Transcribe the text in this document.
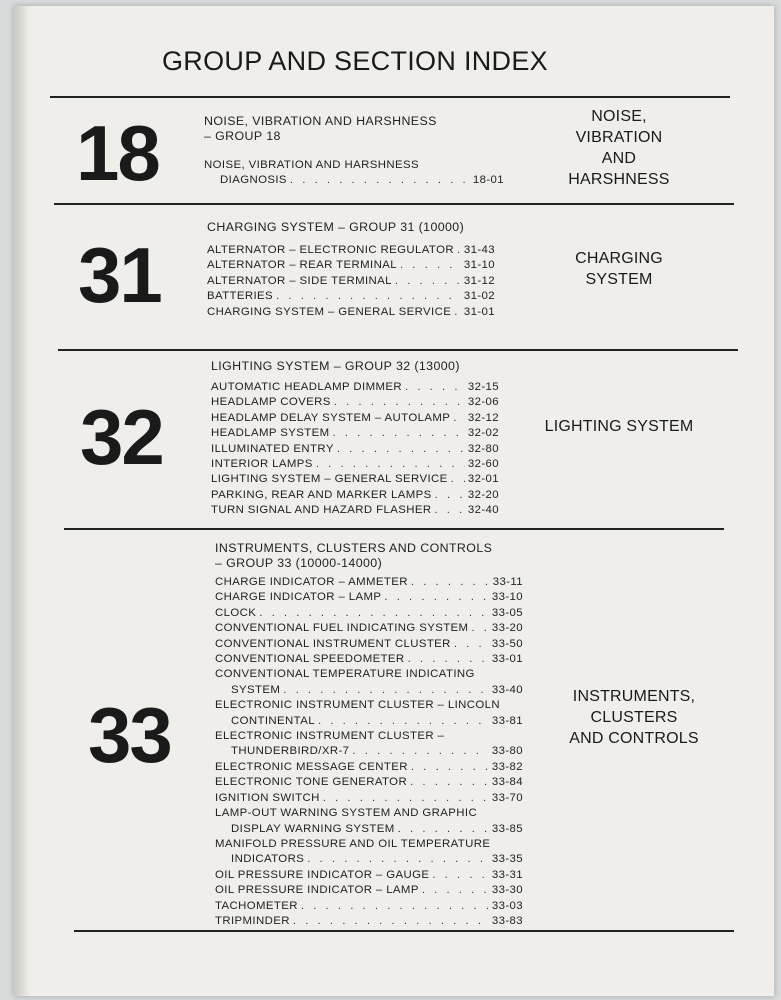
GROUP AND SECTION INDEX
18	NOISE, VIBRATION AND HARSHNESS
– GROUP 18
NOISE, VIBRATION AND HARSHNESS
DIAGNOSIS . . .	18-01
NOISE,
VIBRATION
AND
HARSHNESS
31
CHARGING SYSTEM – GROUP 31 (10000)
ALTERNATOR – ELECTRONIC REGULATOR . . . 31-43
ALTERNATOR – REAR TERMINAL . . .	31-10
ALTERNATOR – SIDE TERMINAL . . .	31-12
BATTERIES . . .	31-02
CHARGING SYSTEM – GENERAL SERVICE . . . 31-01
CHARGING
SYSTEM
32
LIGHTING SYSTEM – GROUP 32 (13000)
AUTOMATIC HEADLAMP DIMMER . . .	32-15
HEADLAMP COVERS . . .	32-06
HEADLAMP DELAY SYSTEM – AUTOLAMP . . . 32-12
HEADLAMP SYSTEM . . .	32-02
ILLUMINATED ENTRY . . .	32-80
INTERIOR LAMPS . . .	32-60
LIGHTING SYSTEM – GENERAL SERVICE . . . 32-01
PARKING, REAR AND MARKER LAMPS . . .	32-20
TURN SIGNAL AND HAZARD FLASHER . . .	32-40
LIGHTING SYSTEM
33
INSTRUMENTS, CLUSTERS AND CONTROLS
– GROUP 33 (10000-14000)
CHARGE INDICATOR – AMMETER . . .	33-11
CHARGE INDICATOR – LAMP . . .	33-10
CLOCK . . .	33-05
CONVENTIONAL FUEL INDICATING SYSTEM . . . 33-20
CONVENTIONAL INSTRUMENT CLUSTER . . .	33-50
CONVENTIONAL SPEEDOMETER . . .	33-01
CONVENTIONAL TEMPERATURE INDICATING
SYSTEM . . .	33-40
ELECTRONIC INSTRUMENT CLUSTER – LINCOLN
CONTINENTAL . . .	33-81
ELECTRONIC INSTRUMENT CLUSTER –
THUNDERBIRD/XR-7 . . .	33-80
ELECTRONIC MESSAGE CENTER . . .	33-82
ELECTRONIC TONE GENERATOR . . .	33-84
IGNITION SWITCH . . .	33-70
LAMP-OUT WARNING SYSTEM AND GRAPHIC
DISPLAY WARNING SYSTEM . . .	33-85
MANIFOLD PRESSURE AND OIL TEMPERATURE
INDICATORS . . .	33-35
OIL PRESSURE INDICATOR – GAUGE . . .	33-31
OIL PRESSURE INDICATOR – LAMP . . .	33-30
TACHOMETER . . .	33-03
TRIPMINDER . . .	33-83
INSTRUMENTS,
CLUSTERS
AND CONTROLS
